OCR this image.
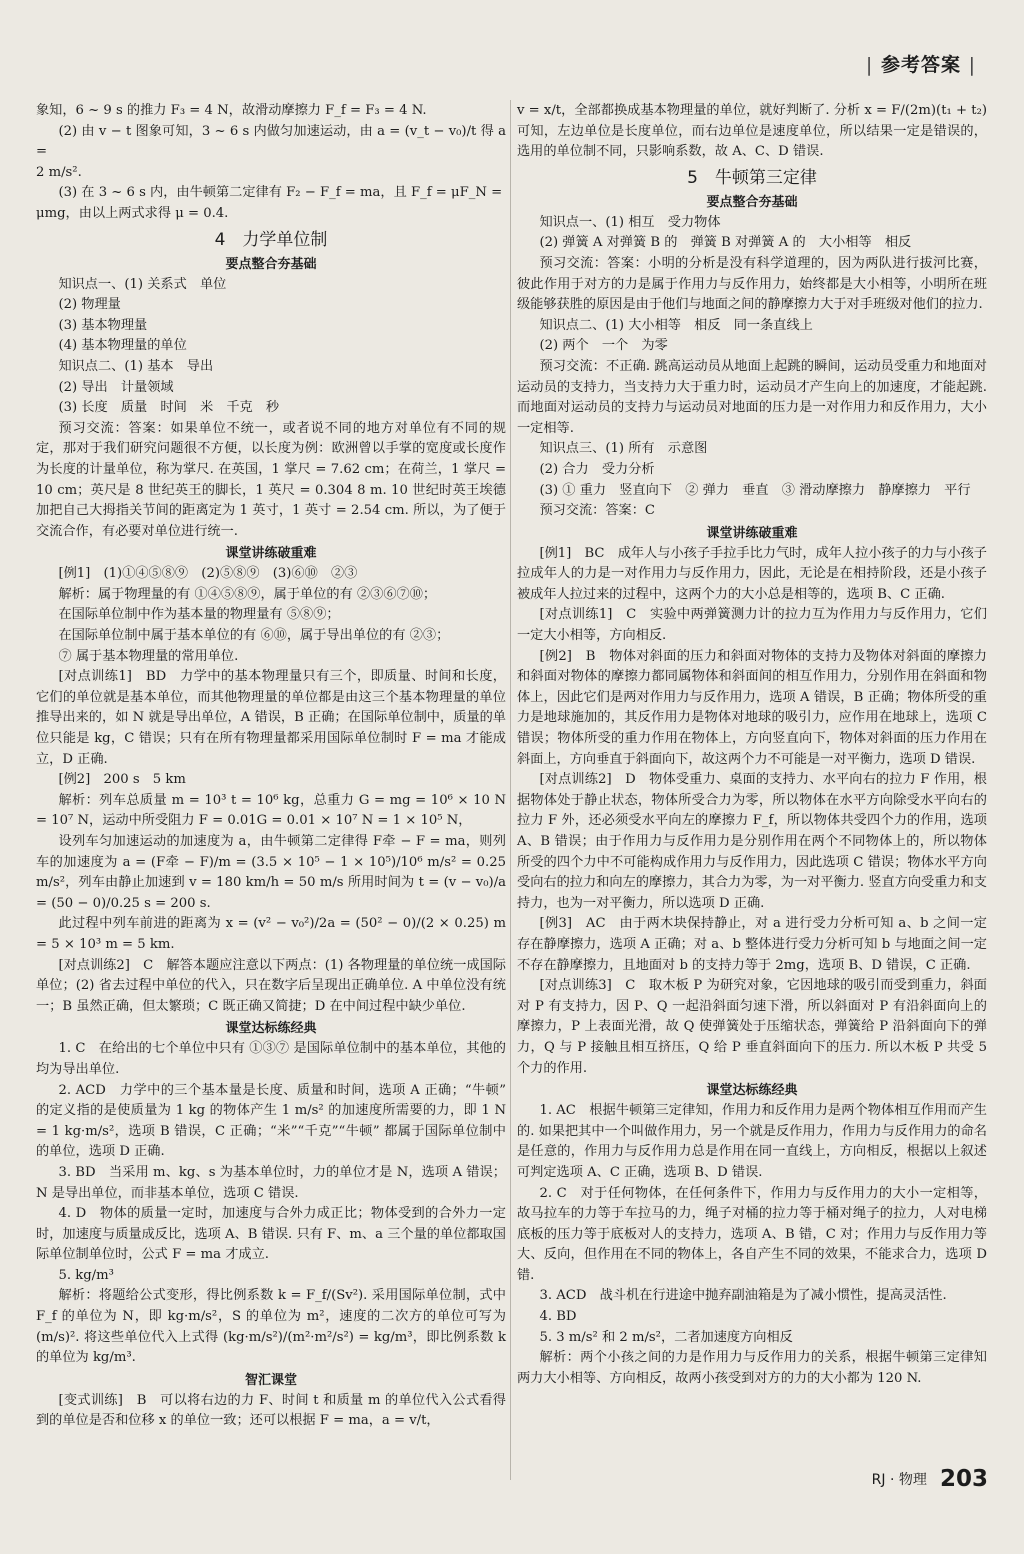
| 参考答案 |
象知，6 ~ 9 s 的推力 F₃ = 4 N，故滑动摩擦力 F_f = F₃ = 4 N.
(2) 由 v − t 图象可知，3 ~ 6 s 内做匀加速运动，由 a = (v_t − v₀)/t 得 a =
2 m/s².
(3) 在 3 ~ 6 s 内，由牛顿第二定律有 F₂ − F_f = ma，且 F_f = μF_N =
μmg，由以上两式求得 μ = 0.4.
4　力学单位制
要点整合夯基础
知识点一、(1) 关系式　单位
(2) 物理量
(3) 基本物理量
(4) 基本物理量的单位
知识点二、(1) 基本　导出
(2) 导出　计量领域
(3) 长度　质量　时间　米　千克　秒
预习交流：答案：如果单位不统一，或者说不同的地方对单位有不同的规定，那对于我们研究问题很不方便，以长度为例：欧洲曾以手掌的宽度或长度作为长度的计量单位，称为掌尺. 在英国，1 掌尺 = 7.62 cm；在荷兰，1 掌尺 = 10 cm；英尺是 8 世纪英王的脚长，1 英尺 = 0.304 8 m. 10 世纪时英王埃德加把自己大拇指关节间的距离定为 1 英寸，1 英寸 = 2.54 cm. 所以，为了便于交流合作，有必要对单位进行统一.
课堂讲练破重难
[例1]　(1)①④⑤⑧⑨　(2)⑤⑧⑨　(3)⑥⑩　②③
解析：属于物理量的有 ①④⑤⑧⑨，属于单位的有 ②③⑥⑦⑩；
在国际单位制中作为基本量的物理量有 ⑤⑧⑨；
在国际单位制中属于基本单位的有 ⑥⑩，属于导出单位的有 ②③；
⑦ 属于基本物理量的常用单位.
[对点训练1]　BD　力学中的基本物理量只有三个，即质量、时间和长度，它们的单位就是基本单位，而其他物理量的单位都是由这三个基本物理量的单位推导出来的，如 N 就是导出单位，A 错误，B 正确；在国际单位制中，质量的单位只能是 kg，C 错误；只有在所有物理量都采用国际单位制时 F = ma 才能成立，D 正确.
[例2]　200 s　5 km
解析：列车总质量 m = 10³ t = 10⁶ kg，总重力 G = mg = 10⁶ × 10 N = 10⁷ N，运动中所受阻力 F = 0.01G = 0.01 × 10⁷ N = 1 × 10⁵ N，
设列车匀加速运动的加速度为 a，由牛顿第二定律得 F牵 − F = ma，则列车的加速度为 a = (F牵 − F)/m = (3.5 × 10⁵ − 1 × 10⁵)/10⁶ m/s² = 0.25 m/s²，列车由静止加速到 v = 180 km/h = 50 m/s 所用时间为 t = (v − v₀)/a = (50 − 0)/0.25 s = 200 s.
此过程中列车前进的距离为 x = (v² − v₀²)/2a = (50² − 0)/(2 × 0.25) m = 5 × 10³ m = 5 km.
[对点训练2]　C　解答本题应注意以下两点：(1) 各物理量的单位统一成国际单位；(2) 省去过程中单位的代入，只在数字后呈现出正确单位. A 中单位没有统一；B 虽然正确，但太繁琐；C 既正确又简捷；D 在中间过程中缺少单位.
课堂达标练经典
1. C　在给出的七个单位中只有 ①③⑦ 是国际单位制中的基本单位，其他的均为导出单位.
2. ACD　力学中的三个基本量是长度、质量和时间，选项 A 正确；“牛顿” 的定义指的是使质量为 1 kg 的物体产生 1 m/s² 的加速度所需要的力，即 1 N = 1 kg·m/s²，选项 B 错误，C 正确；“米”“千克”“牛顿” 都属于国际单位制中的单位，选项 D 正确.
3. BD　当采用 m、kg、s 为基本单位时，力的单位才是 N，选项 A 错误；N 是导出单位，而非基本单位，选项 C 错误.
4. D　物体的质量一定时，加速度与合外力成正比；物体受到的合外力一定时，加速度与质量成反比，选项 A、B 错误. 只有 F、m、a 三个量的单位都取国际单位制单位时，公式 F = ma 才成立.
5. kg/m³
解析：将题给公式变形，得比例系数 k = F_f/(Sv²). 采用国际单位制，式中 F_f 的单位为 N，即 kg·m/s²，S 的单位为 m²，速度的二次方的单位可写为 (m/s)². 将这些单位代入上式得 (kg·m/s²)/(m²·m²/s²) = kg/m³，即比例系数 k 的单位为 kg/m³.
智汇课堂
[变式训练]　B　可以将右边的力 F、时间 t 和质量 m 的单位代入公式看得到的单位是否和位移 x 的单位一致；还可以根据 F = ma，a = v/t，
v = x/t，全部都换成基本物理量的单位，就好判断了. 分析 x = F/(2m)(t₁ + t₂) 可知，左边单位是长度单位，而右边单位是速度单位，所以结果一定是错误的，选用的单位制不同，只影响系数，故 A、C、D 错误.
5　牛顿第三定律
要点整合夯基础
知识点一、(1) 相互　受力物体
(2) 弹簧 A 对弹簧 B 的　弹簧 B 对弹簧 A 的　大小相等　相反
预习交流：答案：小明的分析是没有科学道理的，因为两队进行拔河比赛，彼此作用于对方的力是属于作用力与反作用力，始终都是大小相等，小明所在班级能够获胜的原因是由于他们与地面之间的静摩擦力大于对手班级对他们的拉力.
知识点二、(1) 大小相等　相反　同一条直线上
(2) 两个　一个　为零
预习交流：不正确. 跳高运动员从地面上起跳的瞬间，运动员受重力和地面对运动员的支持力，当支持力大于重力时，运动员才产生向上的加速度，才能起跳. 而地面对运动员的支持力与运动员对地面的压力是一对作用力和反作用力，大小一定相等.
知识点三、(1) 所有　示意图
(2) 合力　受力分析
(3) ① 重力　竖直向下　② 弹力　垂直　③ 滑动摩擦力　静摩擦力　平行
预习交流：答案：C
课堂讲练破重难
[例1]　BC　成年人与小孩子手拉手比力气时，成年人拉小孩子的力与小孩子拉成年人的力是一对作用力与反作用力，因此，无论是在相持阶段，还是小孩子被成年人拉过来的过程中，这两个力的大小总是相等的，选项 B、C 正确.
[对点训练1]　C　实验中两弹簧测力计的拉力互为作用力与反作用力，它们一定大小相等，方向相反.
[例2]　B　物体对斜面的压力和斜面对物体的支持力及物体对斜面的摩擦力和斜面对物体的摩擦力都同属物体和斜面间的相互作用力，分别作用在斜面和物体上，因此它们是两对作用力与反作用力，选项 A 错误，B 正确；物体所受的重力是地球施加的，其反作用力是物体对地球的吸引力，应作用在地球上，选项 C 错误；物体所受的重力作用在物体上，方向竖直向下，物体对斜面的压力作用在斜面上，方向垂直于斜面向下，故这两个力不可能是一对平衡力，选项 D 错误.
[对点训练2]　D　物体受重力、桌面的支持力、水平向右的拉力 F 作用，根据物体处于静止状态，物体所受合力为零，所以物体在水平方向除受水平向右的拉力 F 外，还必须受水平向左的摩擦力 F_f，所以物体共受四个力的作用，选项 A、B 错误；由于作用力与反作用力是分别作用在两个不同物体上的，所以物体所受的四个力中不可能构成作用力与反作用力，因此选项 C 错误；物体水平方向受向右的拉力和向左的摩擦力，其合力为零，为一对平衡力. 竖直方向受重力和支持力，也为一对平衡力，所以选项 D 正确.
[例3]　AC　由于两木块保持静止，对 a 进行受力分析可知 a、b 之间一定存在静摩擦力，选项 A 正确；对 a、b 整体进行受力分析可知 b 与地面之间一定不存在静摩擦力，且地面对 b 的支持力等于 2mg，选项 B、D 错误，C 正确.
[对点训练3]　C　取木板 P 为研究对象，它因地球的吸引而受到重力，斜面对 P 有支持力，因 P、Q 一起沿斜面匀速下滑，所以斜面对 P 有沿斜面向上的摩擦力，P 上表面光滑，故 Q 使弹簧处于压缩状态，弹簧给 P 沿斜面向下的弹力，Q 与 P 接触且相互挤压，Q 给 P 垂直斜面向下的压力. 所以木板 P 共受 5 个力的作用.
课堂达标练经典
1. AC　根据牛顿第三定律知，作用力和反作用力是两个物体相互作用而产生的. 如果把其中一个叫做作用力，另一个就是反作用力，作用力与反作用力的命名是任意的，作用力与反作用力总是作用在同一直线上，方向相反，根据以上叙述可判定选项 A、C 正确，选项 B、D 错误.
2. C　对于任何物体，在任何条件下，作用力与反作用力的大小一定相等，故马拉车的力等于车拉马的力，绳子对桶的拉力等于桶对绳子的拉力，人对电梯底板的压力等于底板对人的支持力，选项 A、B 错，C 对；作用力与反作用力等大、反向，但作用在不同的物体上，各自产生不同的效果，不能求合力，选项 D 错.
3. ACD　战斗机在行进途中抛弃副油箱是为了减小惯性，提高灵活性.
4. BD
5. 3 m/s² 和 2 m/s²，二者加速度方向相反
解析：两个小孩之间的力是作用力与反作用力的关系，根据牛顿第三定律知两力大小相等、方向相反，故两小孩受到对方的力的大小都为 120 N.
RJ · 物理 203
